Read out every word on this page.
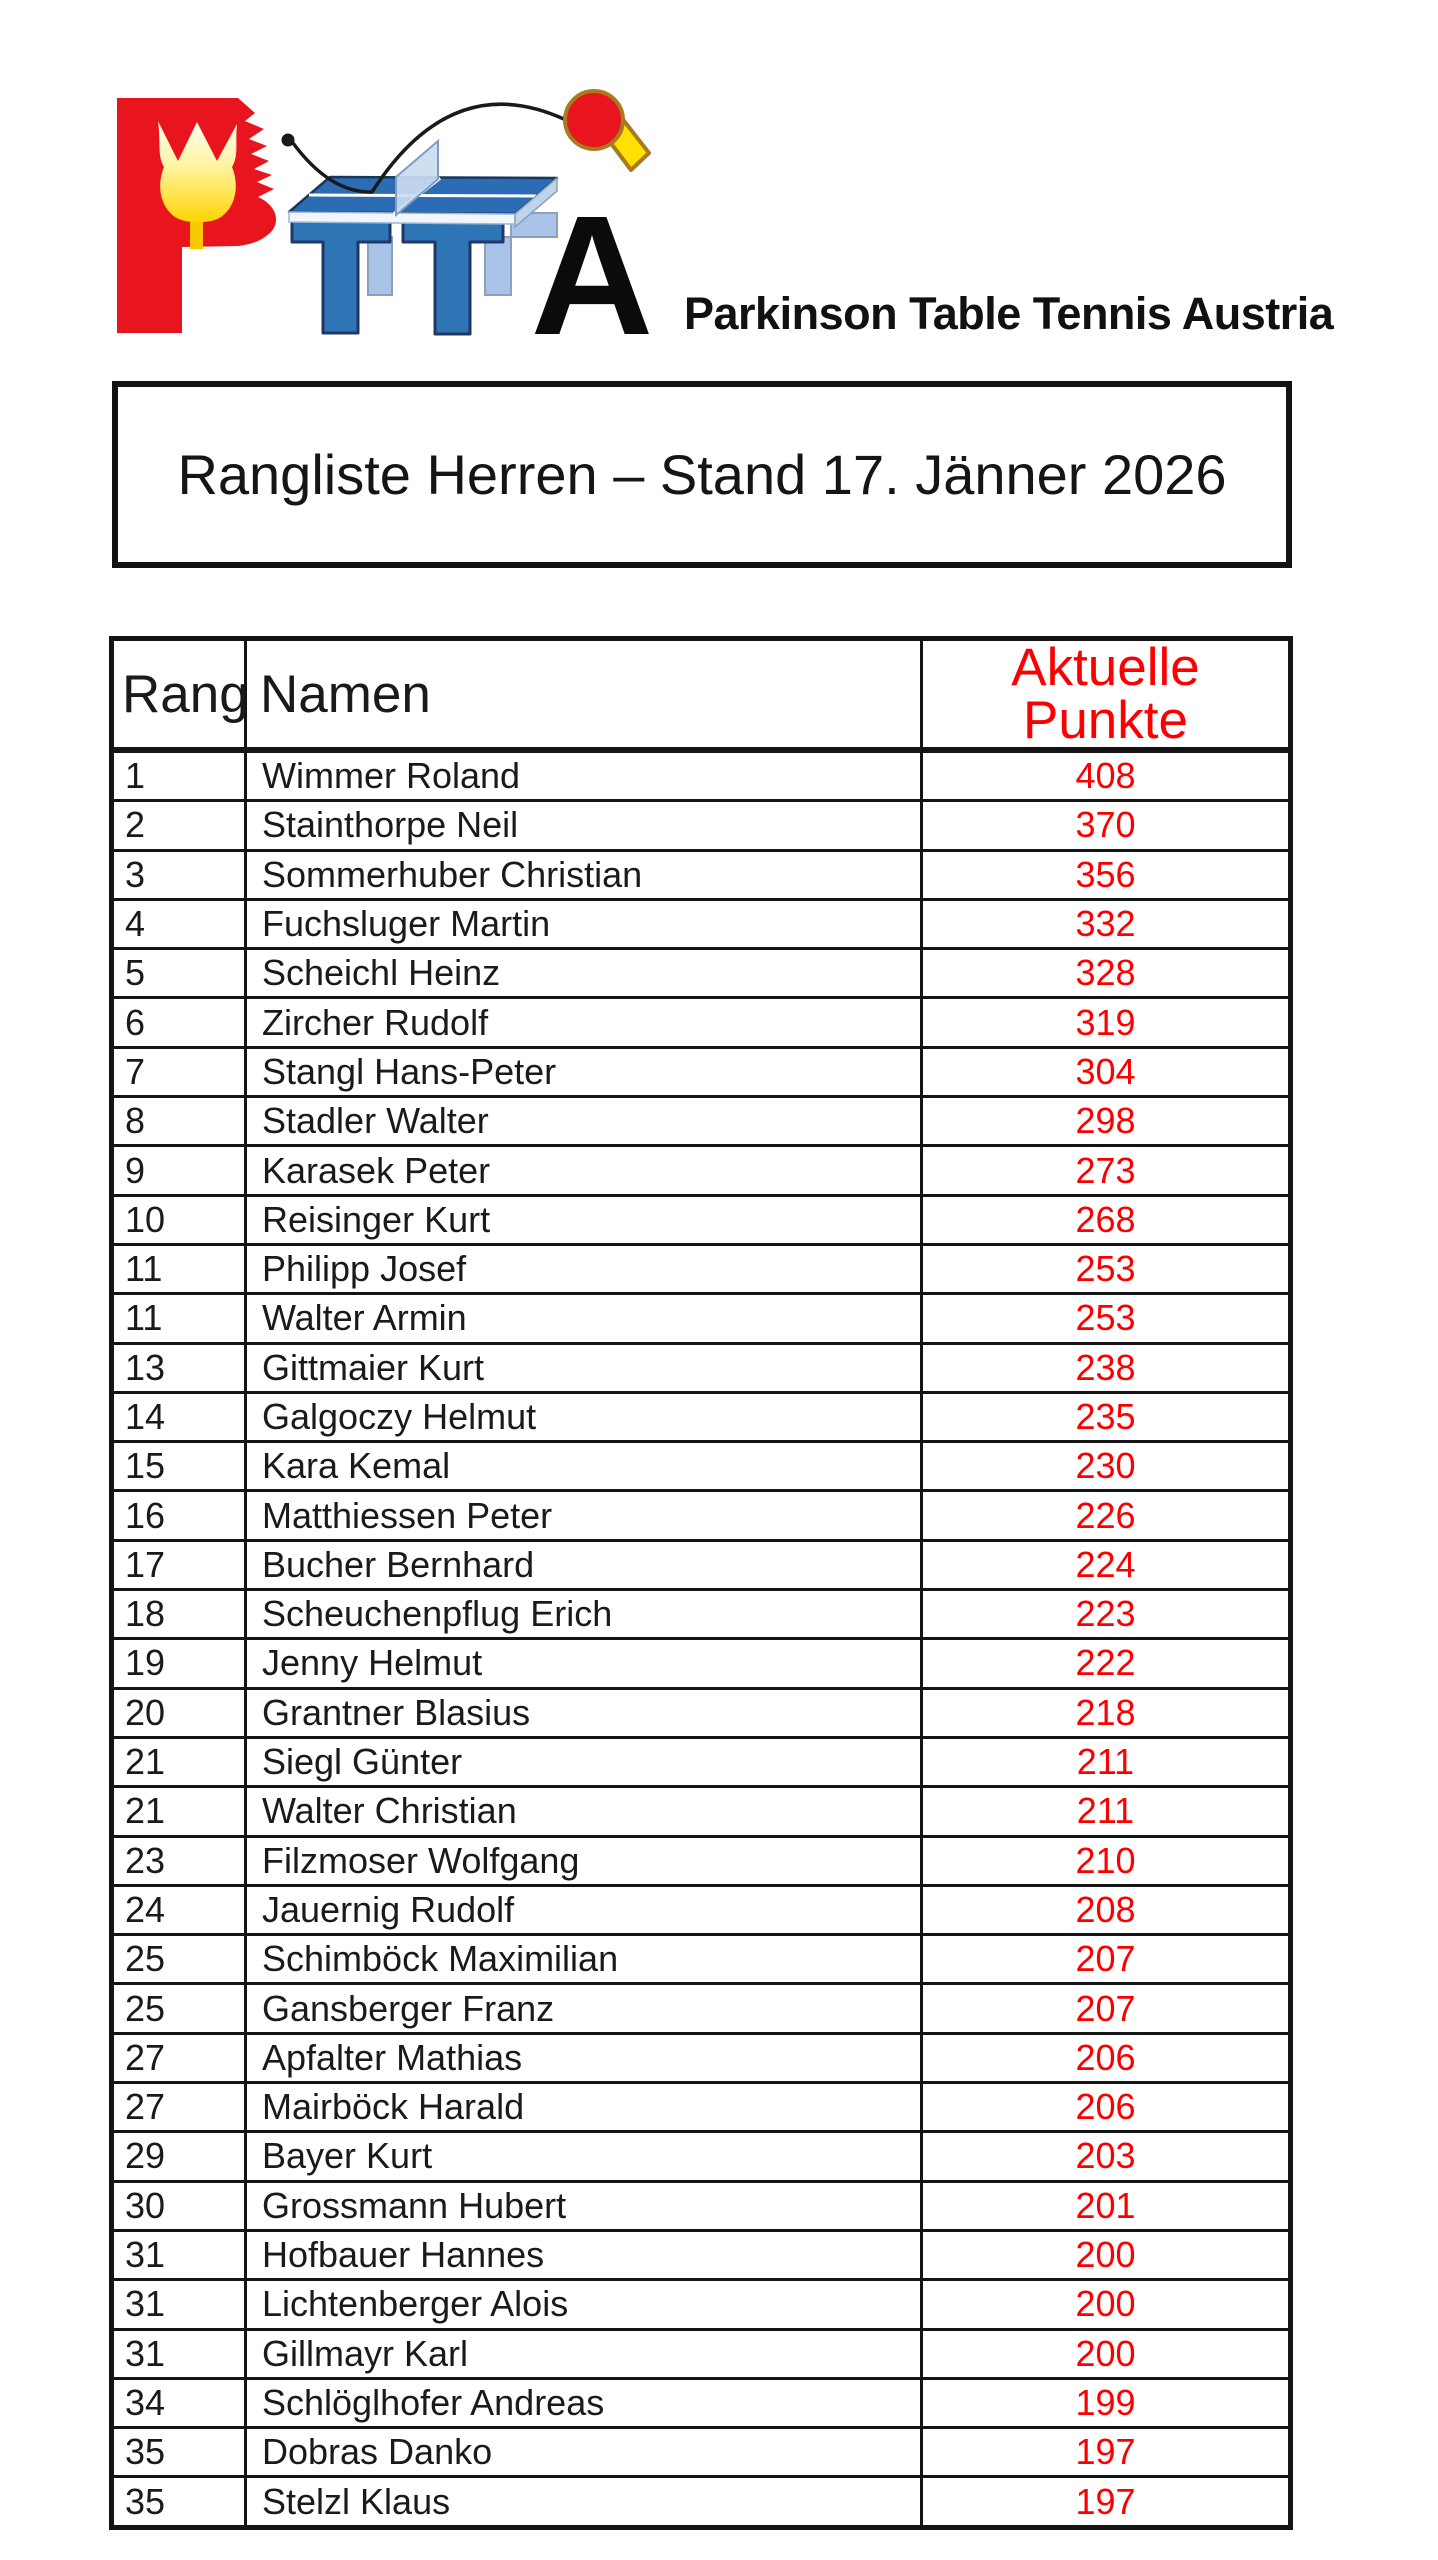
A Parkinson Table Tennis Austria
Rangliste Herren – Stand 17. Jänner 2026
Rang	Namen	Aktuelle Punkte
1	Wimmer Roland	408
2	Stainthorpe Neil	370
3	Sommerhuber Christian	356
4	Fuchsluger Martin	332
5	Scheichl Heinz	328
6	Zircher Rudolf	319
7	Stangl Hans-Peter	304
8	Stadler Walter	298
9	Karasek Peter	273
10	Reisinger Kurt	268
11	Philipp Josef	253
11	Walter Armin	253
13	Gittmaier Kurt	238
14	Galgoczy Helmut	235
15	Kara Kemal	230
16	Matthiessen Peter	226
17	Bucher Bernhard	224
18	Scheuchenpflug Erich	223
19	Jenny Helmut	222
20	Grantner Blasius	218
21	Siegl Günter	211
21	Walter Christian	211
23	Filzmoser Wolfgang	210
24	Jauernig Rudolf	208
25	Schimböck Maximilian	207
25	Gansberger Franz	207
27	Apfalter Mathias	206
27	Mairböck Harald	206
29	Bayer Kurt	203
30	Grossmann Hubert	201
31	Hofbauer Hannes	200
31	Lichtenberger Alois	200
31	Gillmayr Karl	200
34	Schlöglhofer Andreas	199
35	Dobras Danko	197
35	Stelzl Klaus	197
